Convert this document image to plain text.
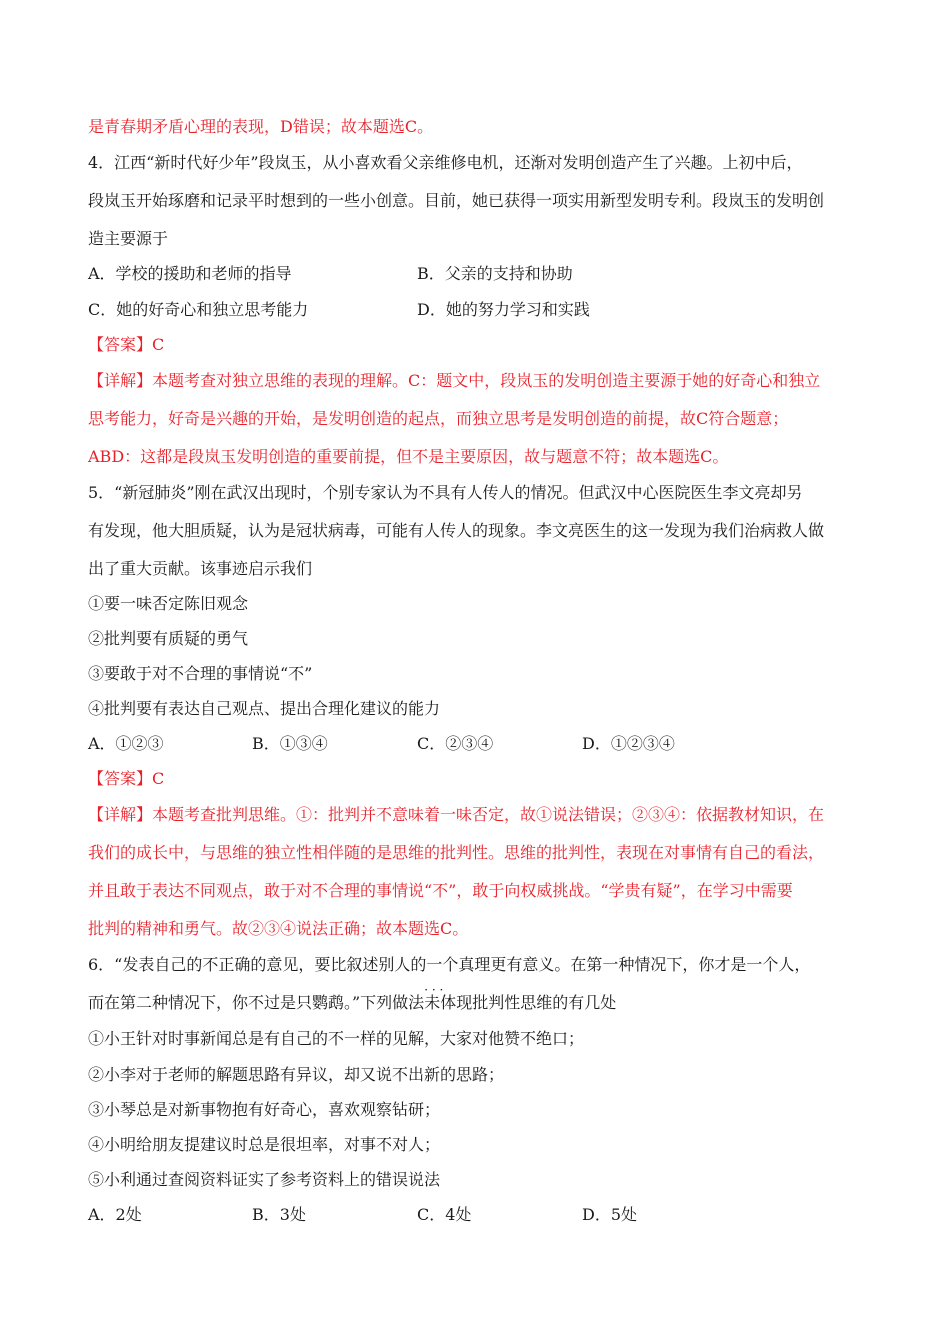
是青春期矛盾心理的表现，D错误；故本题选C。
4．江西“新时代好少年”段岚玉，从小喜欢看父亲维修电机，还渐对发明创造产生了兴趣。上初中后，
段岚玉开始琢磨和记录平时想到的一些小创意。目前，她已获得一项实用新型发明专利。段岚玉的发明创
造主要源于
A．学校的援助和老师的指导	B．父亲的支持和协助
C．她的好奇心和独立思考能力	D．她的努力学习和实践
【答案】C
【详解】本题考查对独立思维的表现的理解。C：题文中，段岚玉的发明创造主要源于她的好奇心和独立
思考能力，好奇是兴趣的开始，是发明创造的起点，而独立思考是发明创造的前提，故C符合题意；
ABD：这都是段岚玉发明创造的重要前提，但不是主要原因，故与题意不符；故本题选C。
5．“新冠肺炎”刚在武汉出现时，个别专家认为不具有人传人的情况。但武汉中心医院医生李文亮却另
有发现，他大胆质疑，认为是冠状病毒，可能有人传人的现象。李文亮医生的这一发现为我们治病救人做
出了重大贡献。该事迹启示我们
①要一味否定陈旧观念
②批判要有质疑的勇气
③要敢于对不合理的事情说“不”
④批判要有表达自己观点、提出合理化建议的能力
A．①②③	B．①③④	C．②③④	D．①②③④
【答案】C
【详解】本题考查批判思维。①：批判并不意味着一味否定，故①说法错误；②③④：依据教材知识，在
我们的成长中，与思维的独立性相伴随的是思维的批判性。思维的批判性，表现在对事情有自己的看法，
并且敢于表达不同观点，敢于对不合理的事情说“不”，敢于向权威挑战。“学贵有疑”，在学习中需要
批判的精神和勇气。故②③④说法正确；故本题选C。
6．“发表自己的不正确的意见，要比叙述别人的一个真理更有意义。在第一种情况下，你才是一个人，
而在第二种情况下，你不过是只鹦鹉。”下列做法
· · ·
未体现批判性思维的有几处
①小王针对时事新闻总是有自己的不一样的见解，大家对他赞不绝口；
②小李对于老师的解题思路有异议，却又说不出新的思路；
③小琴总是对新事物抱有好奇心，喜欢观察钻研；
④小明给朋友提建议时总是很坦率，对事不对人；
⑤小利通过查阅资料证实了参考资料上的错误说法
A．2处	B．3处	C．4处	D．5处
